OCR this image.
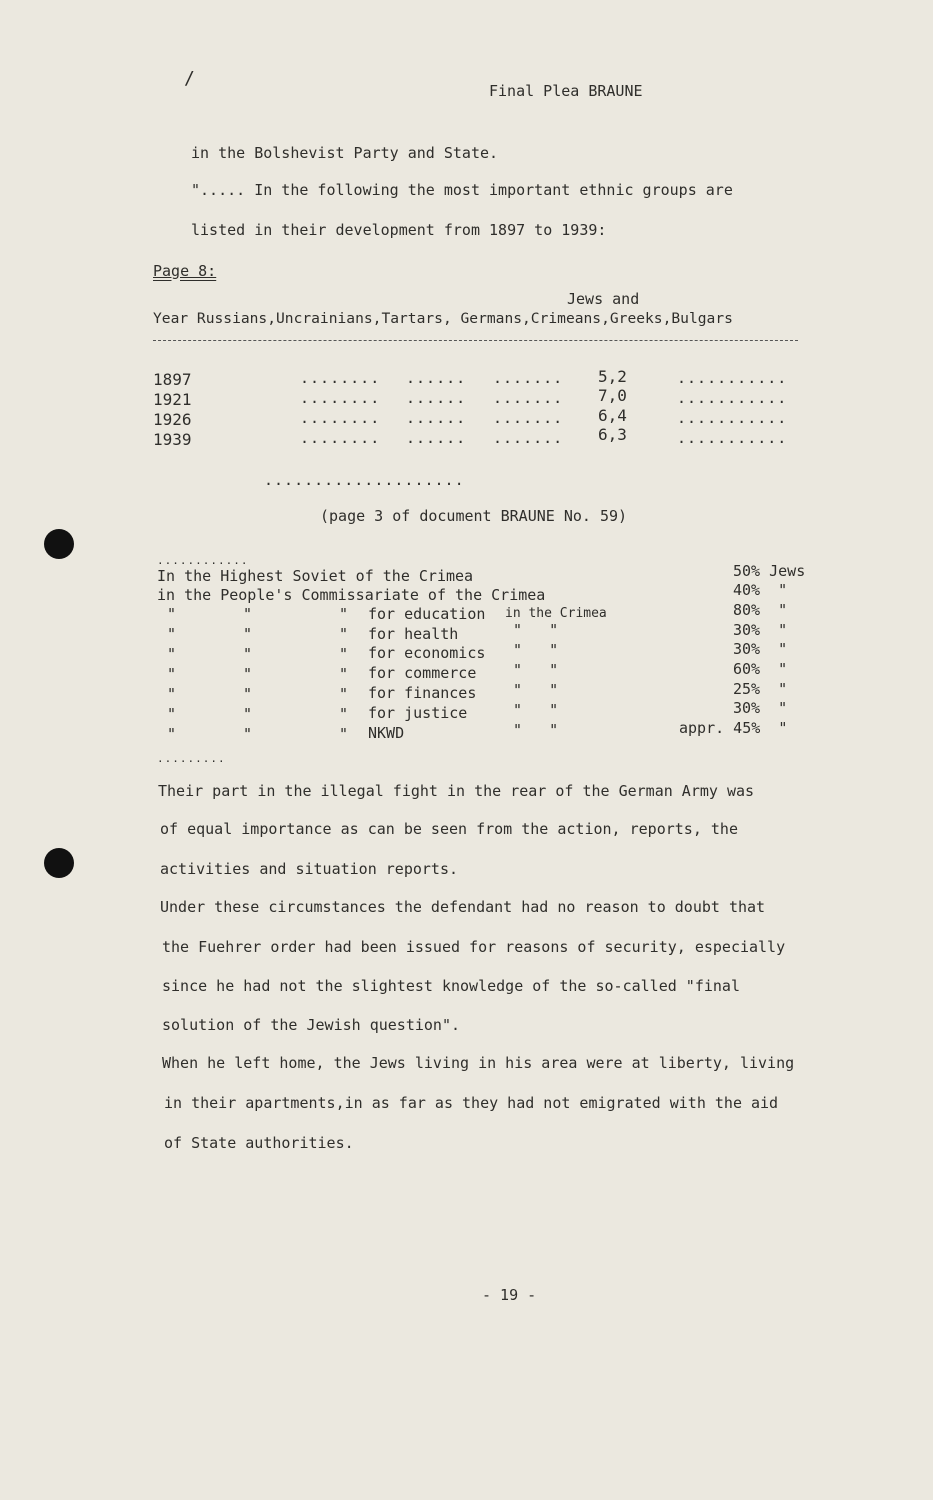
/
Final Plea BRAUNE
in the Bolshevist Party and State.
"..... In the following the most important ethnic groups are
listed in their development from 1897 to 1939:
Page 8:
Jews and
Year Russians,Uncrainians,Tartars, Germans,Crimeans,Greeks,Bulgars
1897	........ ...... ....... 5,2	...........
1921	........ ...... ....... 7,0	...........
1926	........ ...... ....... 6,4	...........
1939	........ ...... ....... 6,3	...........
....................
(page 3 of document BRAUNE No. 59)
............
In the Highest Soviet of the Crimea	50% Jews
in the People's Commissariate of the Crimea	40%  "
"	"	" for education in the Crimea	80%  "
"	"	" for health	"   "	30%  "
"	"	" for economics "   "	30%  "
"	"	" for commerce "   "	60%  "
"	"	" for finances "   "	25%  "
"	"	" for justice	"   "	30%  "
"	"	" NKWD	"   "	appr. 45%  "
.........
Their part in the illegal fight in the rear of the German Army was
of equal importance as can be seen from the action, reports, the
activities and situation reports.
Under these circumstances the defendant had no reason to doubt that
the Fuehrer order had been issued for reasons of security, especially
since he had not the slightest knowledge of the so-called "final
solution of the Jewish question".
When he left home, the Jews living in his area were at liberty, living
in their apartments,in as far as they had not emigrated with the aid
of State authorities.
- 19 -
